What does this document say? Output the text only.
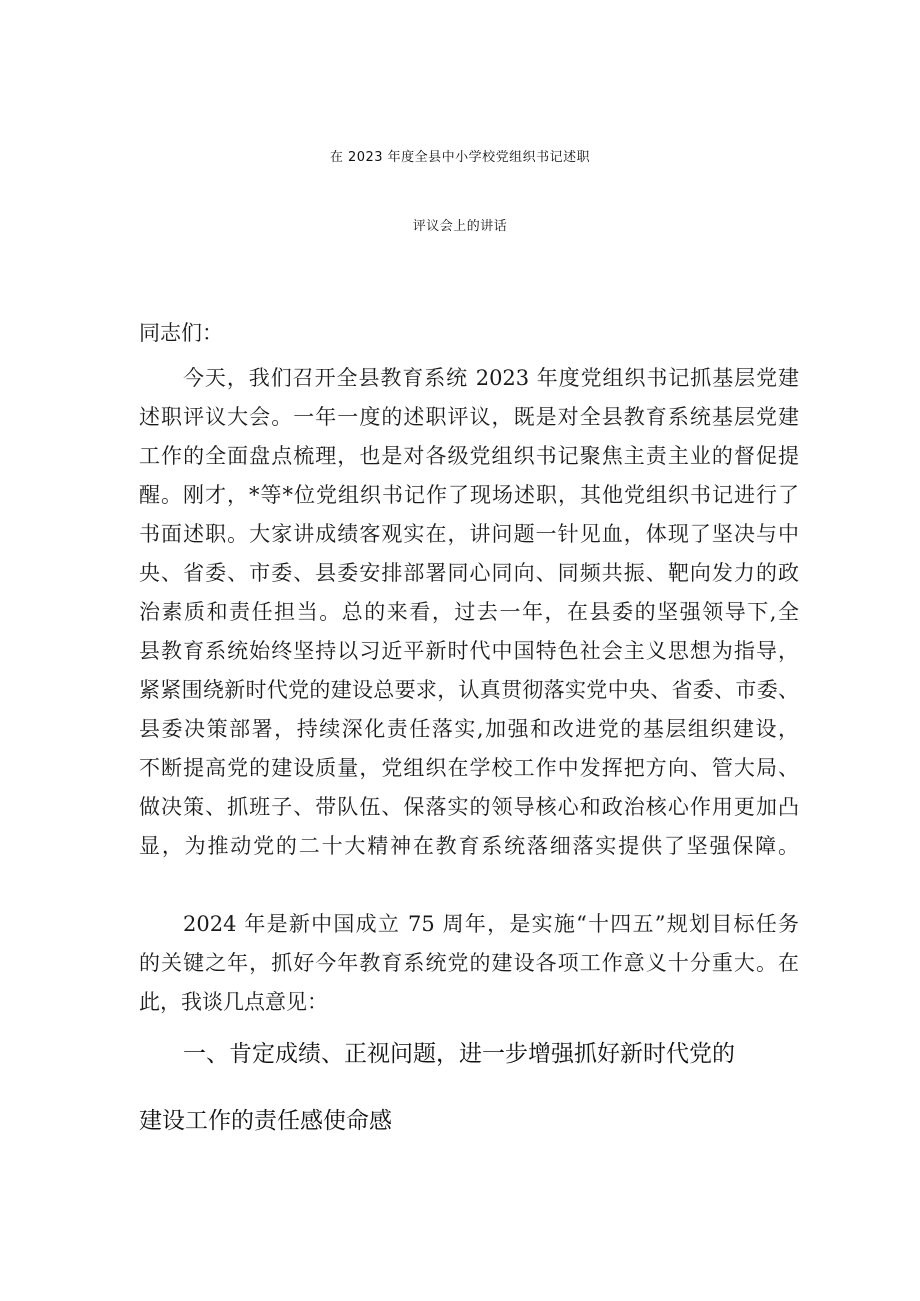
在 2023 年度全县中小学校党组织书记述职
评议会上的讲话
同志们：
今天，我们召开全县教育系统 2023 年度党组织书记抓基层党建
述职评议大会。一年一度的述职评议，既是对全县教育系统基层党建
工作的全面盘点梳理，也是对各级党组织书记聚焦主责主业的督促提
醒。刚才，*等*位党组织书记作了现场述职，其他党组织书记进行了
书面述职。大家讲成绩客观实在，讲问题一针见血，体现了坚决与中
央、省委、市委、县委安排部署同心同向、同频共振、靶向发力的政
治素质和责任担当。总的来看，过去一年，在县委的坚强领导下,全
县教育系统始终坚持以习近平新时代中国特色社会主义思想为指导，
紧紧围绕新时代党的建设总要求，认真贯彻落实党中央、省委、市委、
县委决策部署，持续深化责任落实,加强和改进党的基层组织建设，
不断提高党的建设质量，党组织在学校工作中发挥把方向、管大局、
做决策、抓班子、带队伍、保落实的领导核心和政治核心作用更加凸
显，为推动党的二十大精神在教育系统落细落实提供了坚强保障。
2024 年是新中国成立 75 周年，是实施“十四五”规划目标任务
的关键之年，抓好今年教育系统党的建设各项工作意义十分重大。在
此，我谈几点意见：
一、肯定成绩、正视问题，进一步增强抓好新时代党的
建设工作的责任感使命感
